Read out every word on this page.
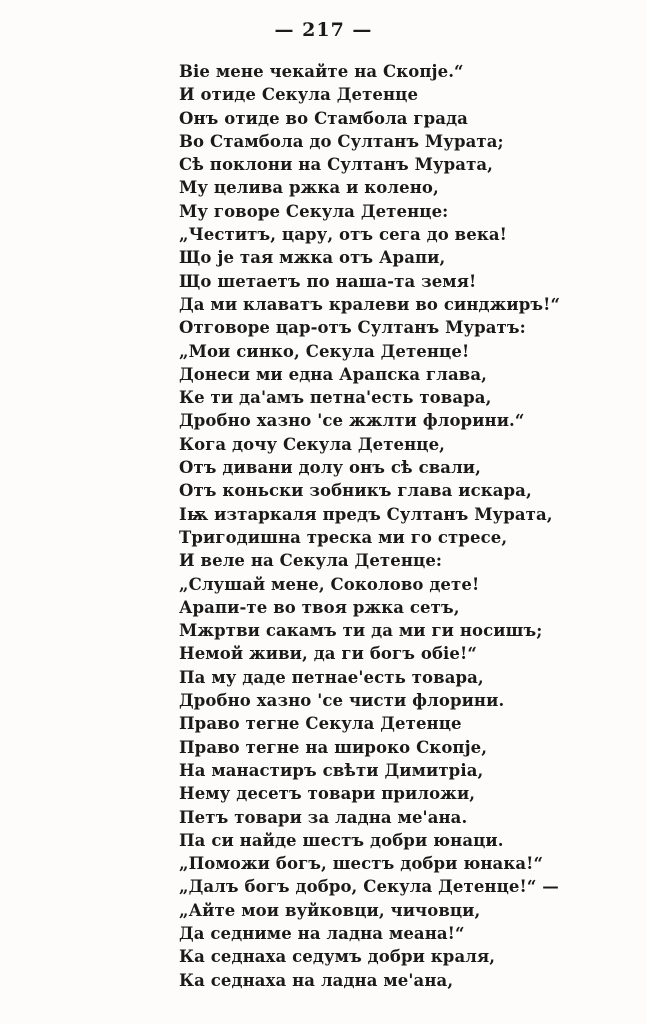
— 217 —
Віе мене чекайте на Скопје.“
И отиде Секула Детенце
Онъ отиде во Стамбола града
Во Стамбола до Султанъ Мурата;
Сѣ поклони на Султанъ Мурата,
Му целива ржка и колено,
Му говоре Секула Детенце:
„Честитъ, цару, отъ сега до века!
Що је тая мжка отъ Арапи,
Що шетаетъ по наша-та земя!
Да ми клаватъ кралеви во синджиръ!“
Отговоре цар-отъ Султанъ Муратъ:
„Мои синко, Секула Детенце!
Донеси ми една Арапска глава,
Ке ти да'амъ петна'есть товара,
Дробно хазно 'се жжлти флорини.“
Кога дочу Секула Детенце,
Отъ дивани долу онъ сѣ свали,
Отъ коньски зобникъ глава искара,
Іѭ изтаркаля предъ Султанъ Мурата,
Тригодишна треска ми го стресе,
И веле на Секула Детенце:
„Слушай мене, Соколово дете!
Арапи-те во твоя ржка сетъ,
Мжртви сакамъ ти да ми ги носишъ;
Немой живи, да ги богъ обіе!“
Па му даде петнае'есть товара,
Дробно хазно 'се чисти флорини.
Право тегне Секула Детенце
Право тегне на широко Скопје,
На манастиръ свѣти Димитріа,
Нему десетъ товари приложи,
Петъ товари за ладна ме'ана.
Па си найде шестъ добри юнаци.
„Поможи богъ, шестъ добри юнака!“
„Далъ богъ добро, Секула Детенце!“ —
„Айте мои вуйковци, чичовци,
Да седниме на ладна меана!“
Ка седнаха седумъ добри краля,
Ка седнаха на ладна ме'ана,
